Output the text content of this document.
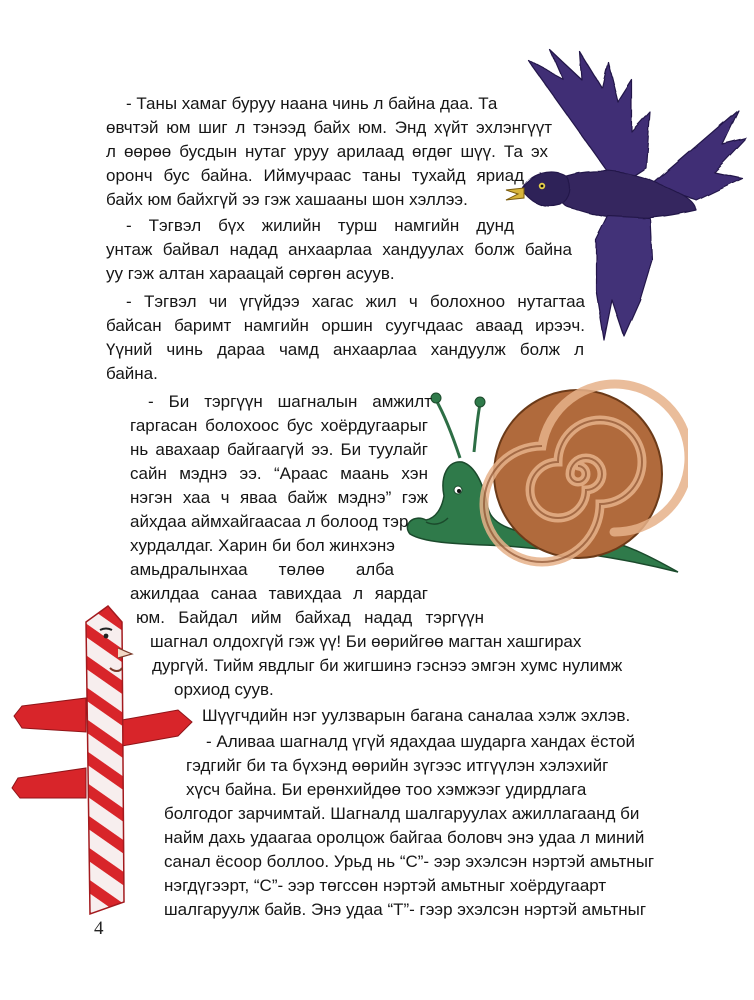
- Таны хамаг буруу наана чинь л байна даа. Та
өвчтэй юм шиг л тэнээд байх юм. Энд хүйт эхлэнгүүт
л өөрөө бусдын нутаг уруу арилаад өгдөг шүү. Та эх
оронч бус байна. Иймучраас таны тухайд яриад
байх юм байхгүй ээ гэж хашааны шон хэллээ.
- Тэгвэл бүх жилийн турш намгийн дунд
унтаж байвал надад анхаарлаа хандуулах болж байна
уу гэж алтан хараацай сөргөн асуув.
- Тэгвэл чи үгүйдээ хагас жил ч болохноо нутагтаа
байсан баримт намгийн оршин суугчдаас аваад ирээч.
Үүний чинь дараа чамд анхаарлаа хандуулж болж л
байна.
- Би тэргүүн шагналын амжилт
гаргасан болохоос бус хоёрдугаарыг
нь авахаар байгаагүй ээ. Би туулайг
сайн мэднэ ээ. “Араас маань хэн
нэгэн хаа ч яваа байж мэднэ” гэж
айхдаа аймхайгаасаа л болоод тэр
хурдалдаг. Харин би бол жинхэнэ
амьдралынхаа төлөө алба
ажилдаа санаа тавихдаа л яардаг
юм. Байдал ийм байхад надад тэргүүн
шагнал олдохгүй гэж үү! Би өөрийгөө магтан хашгирах
дургүй. Тийм явдлыг би жигшинэ гэснээ эмгэн хумс нулимж
орхиод суув.
Шүүгчдийн нэг уулзварын багана саналаа хэлж эхлэв.
- Аливаа шагналд үгүй ядахдаа шударга хандах ёстой
гэдгийг би та бүхэнд өөрийн зүгээс итгүүлэн хэлэхийг
хүсч байна. Би ерөнхийдөө тоо хэмжээг удирдлага
болгодог зарчимтай. Шагналд шалгаруулах ажиллагаанд би
найм дахь удаагаа оролцож байгаа боловч энэ удаа л миний
санал ёсоор боллоо. Урьд нь “С”- ээр эхэлсэн нэртэй амьтныг
нэгдүгээрт, “С”- ээр төгссөн нэртэй амьтныг хоёрдугаарт
шалгаруулж байв. Энэ удаа “Т”- гээр эхэлсэн нэртэй амьтныг
4
